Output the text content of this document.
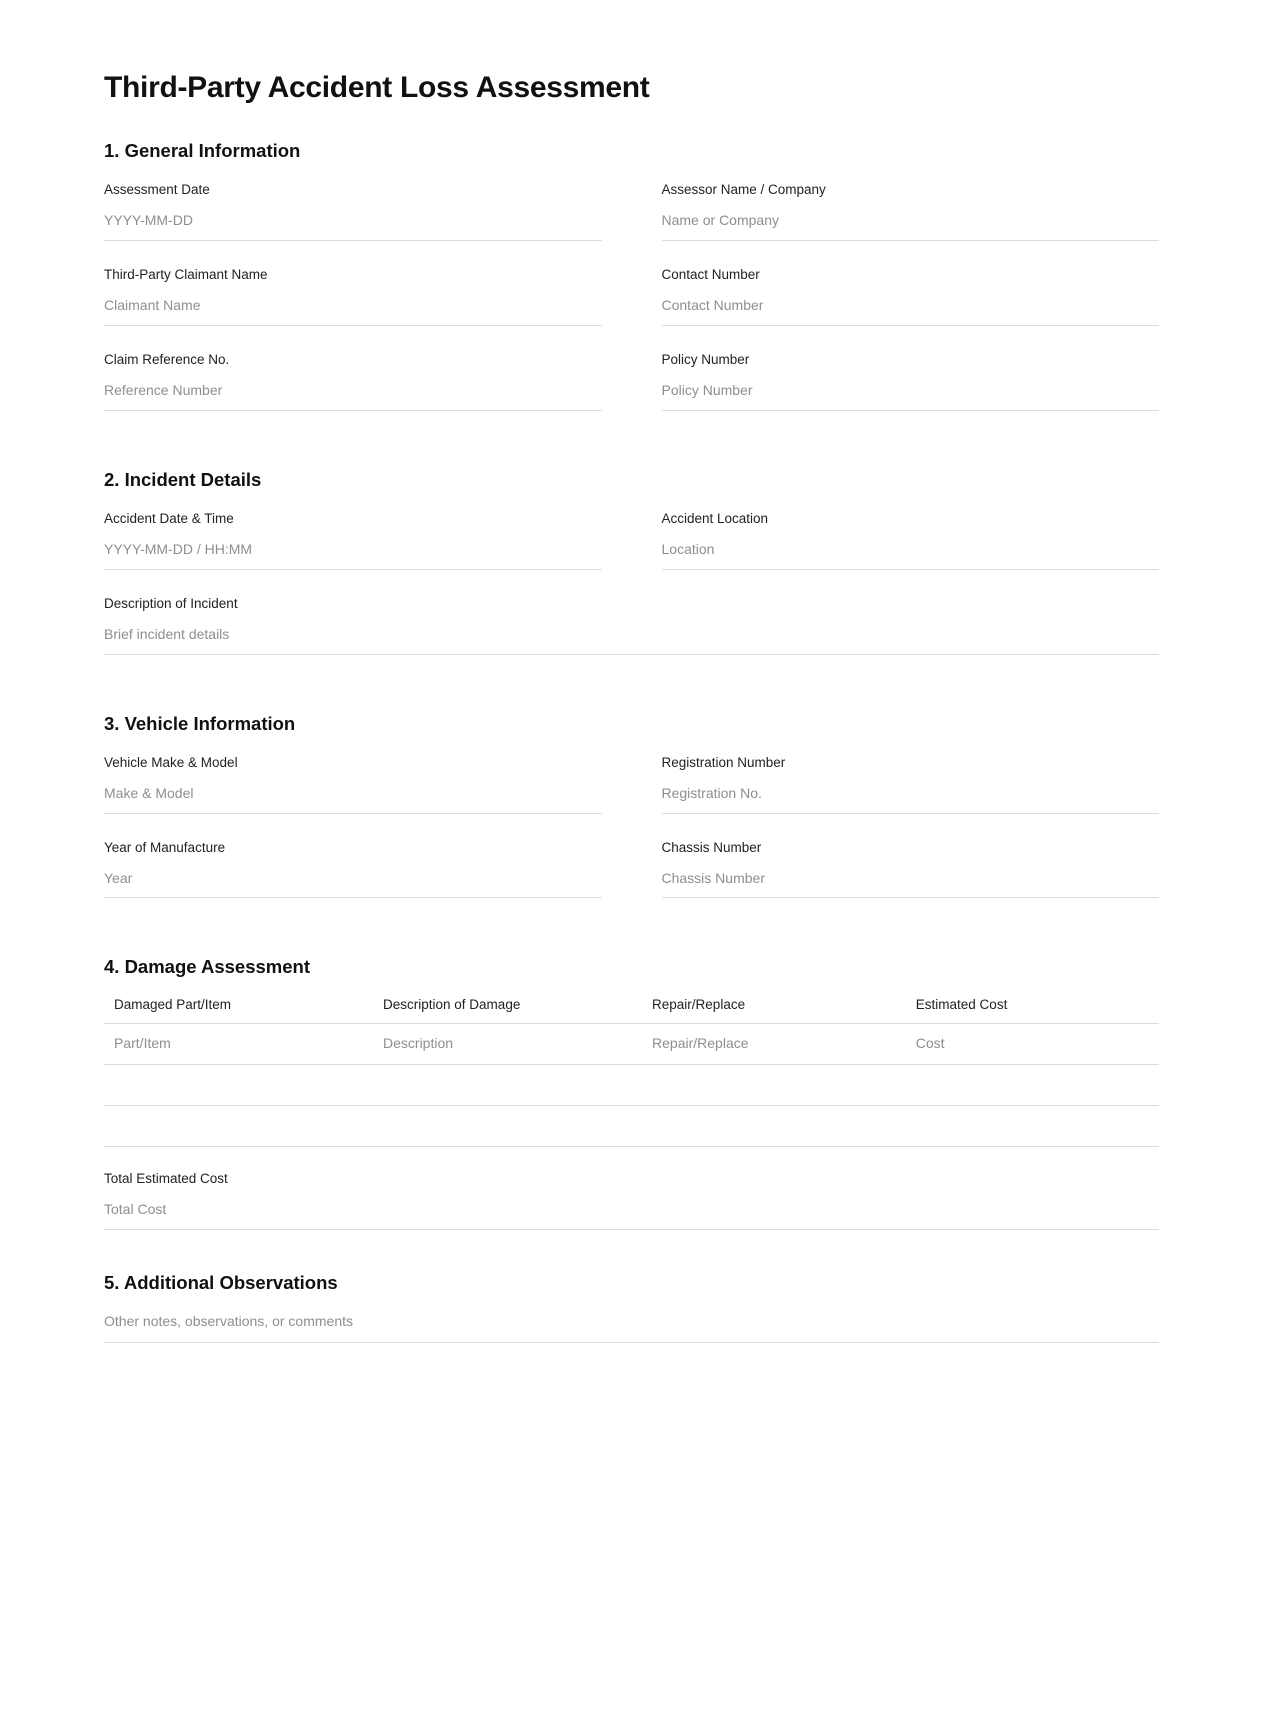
Third-Party Accident Loss Assessment
1. General Information
Assessment Date
YYYY-MM-DD
Assessor Name / Company
Name or Company
Third-Party Claimant Name
Claimant Name
Contact Number
Contact Number
Claim Reference No.
Reference Number
Policy Number
Policy Number
2. Incident Details
Accident Date & Time
YYYY-MM-DD / HH:MM
Accident Location
Location
Description of Incident
Brief incident details
3. Vehicle Information
Vehicle Make & Model
Make & Model
Registration Number
Registration No.
Year of Manufacture
Year
Chassis Number
Chassis Number
4. Damage Assessment
Damaged Part/Item	Description of Damage	Repair/Replace	Estimated Cost

Part/Item	Description	Repair/Replace	Cost

Total Estimated Cost
Total Cost
5. Additional Observations
Other notes, observations, or comments
